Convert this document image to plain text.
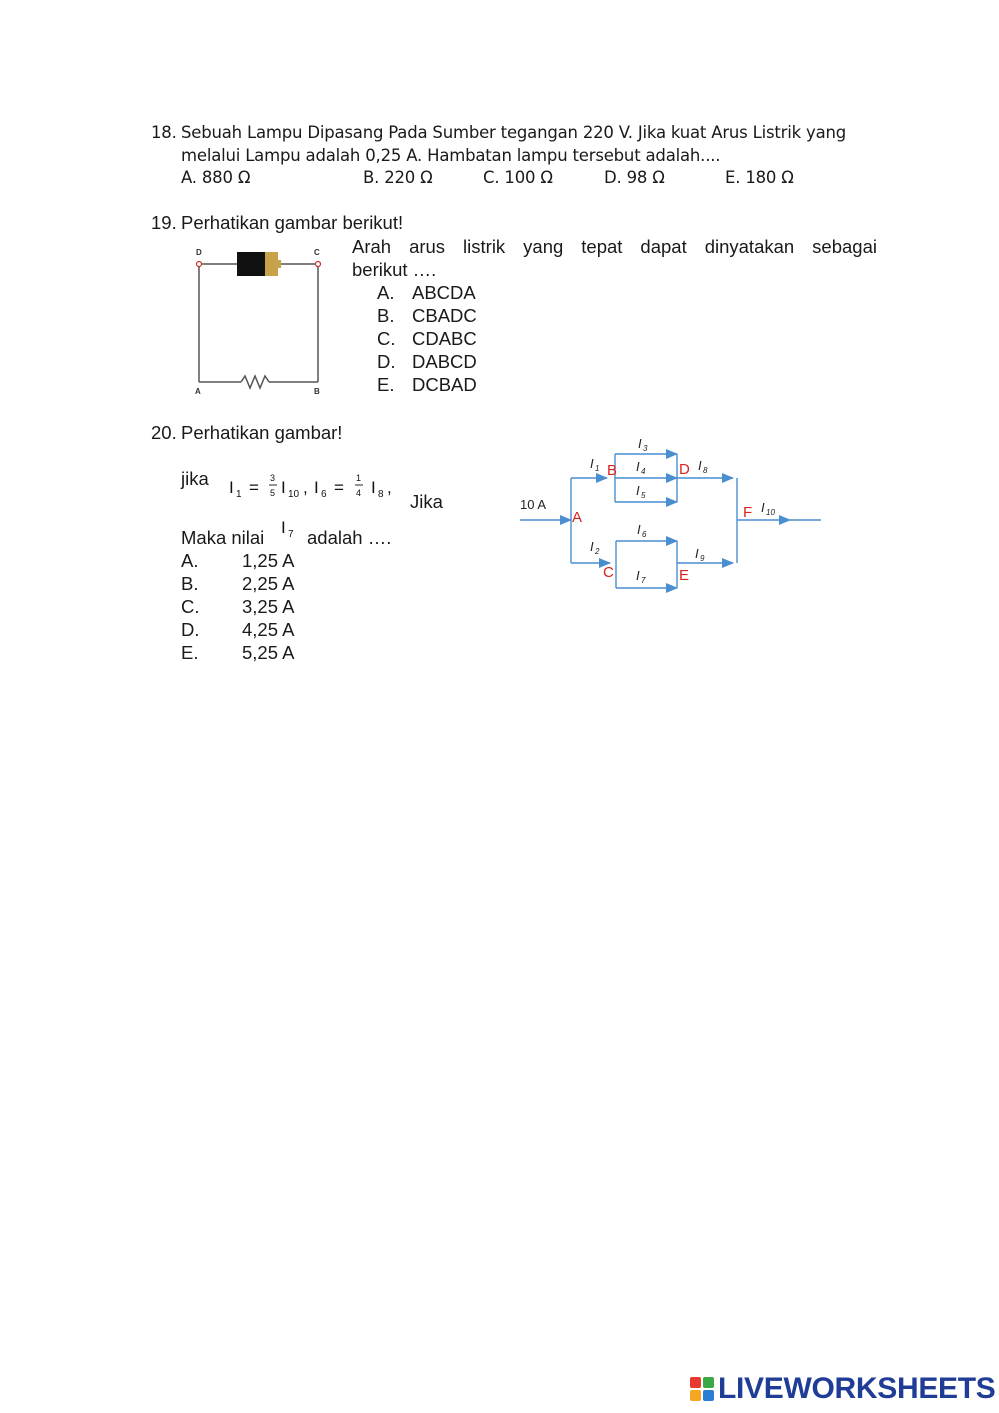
18. Sebuah Lampu Dipasang Pada Sumber tegangan 220 V. Jika kuat Arus Listrik yang
melalui Lampu adalah 0,25 A. Hambatan lampu tersebut adalah....
A. 880 Ω	B. 220 Ω	C. 100 Ω	D. 98 Ω	E. 180 Ω
19. Perhatikan gambar berikut!
D	C
A	B
Arah arus listrik yang tepat dapat dinyatakan sebagai
berikut ….
A. ABCDA
B. CBADC
C. CDABC
D. DABCD
E. DCBAD
20. Perhatikan gambar!
jika I 1 = 3
5 I 10 , I 6 = 1
4 I 8 ,
Jika
Maka nilai I 7 adalah ….
A. 1,25 A
B. 2,25 A
C. 3,25 A
D. 4,25 A
E. 5,25 A
10 A
A
B
C
D
E
F
I 1
I 2
I 3
I 4
I 5
I 6
I 7
I 8
I 9
I 10
LIVEWORKSHEETS
